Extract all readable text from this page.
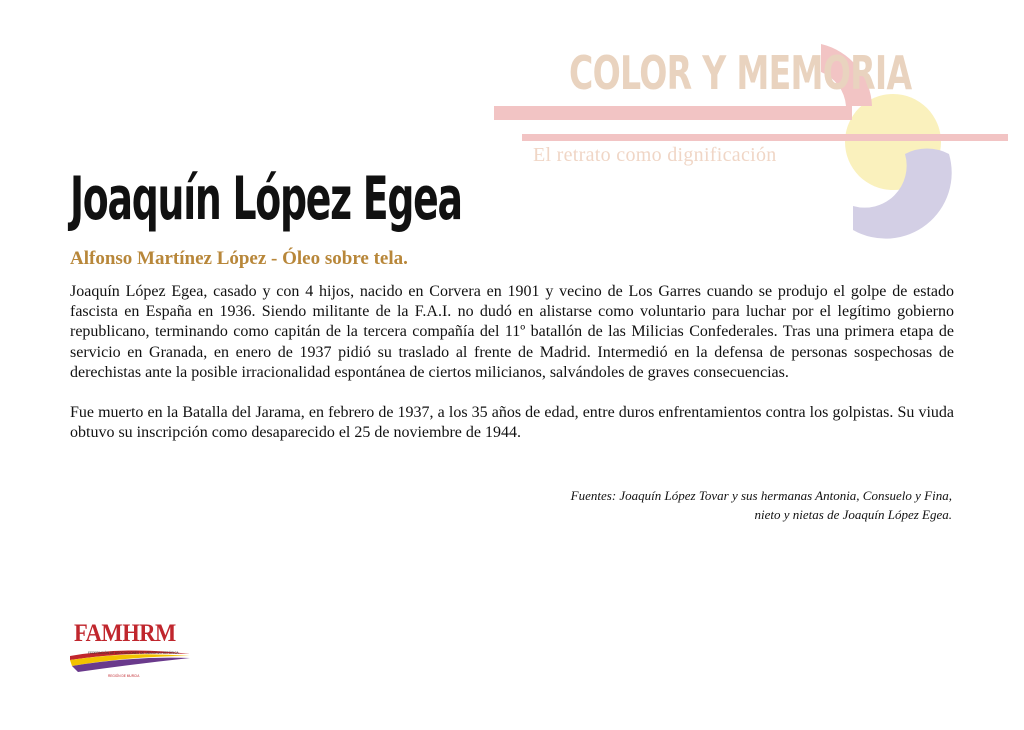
COLOR Y MEMORIA
El retrato como dignificación
Joaquín López Egea
Alfonso Martínez López - Óleo sobre tela.

Joaquín López Egea, casado y con 4 hijos, nacido en Corvera en 1901 y vecino de Los Garres cuando se produjo el golpe de estado fascista en España en 1936. Siendo militante de la F.A.I. no dudó en alistarse como voluntario para luchar por el legítimo gobierno republicano, terminando como capitán de la tercera compañía del 11º batallón de las Milicias Confederales. Tras una primera etapa de servicio en Granada, en enero de 1937 pidió su traslado al frente de Madrid. Intermedió en la defensa de personas sospechosas de derechistas ante la posible irracionalidad espontánea de ciertos milicianos, salvándoles de graves consecuencias.

Fue muerto en la Batalla del Jarama, en febrero de 1937, a los 35 años de edad, entre duros enfrentamientos contra los golpistas. Su viuda obtuvo su inscripción como desaparecido el 25 de noviembre de 1944.

Fuentes: Joaquín López Tovar y sus hermanas Antonia, Consuelo y Fina,
nieto y nietas de Joaquín López Egea.
FAMHRM
FEDERACIÓN DE ASOCIACIONES DE MEMORIA HISTÓRICA
REGIÓN DE MURCIA
